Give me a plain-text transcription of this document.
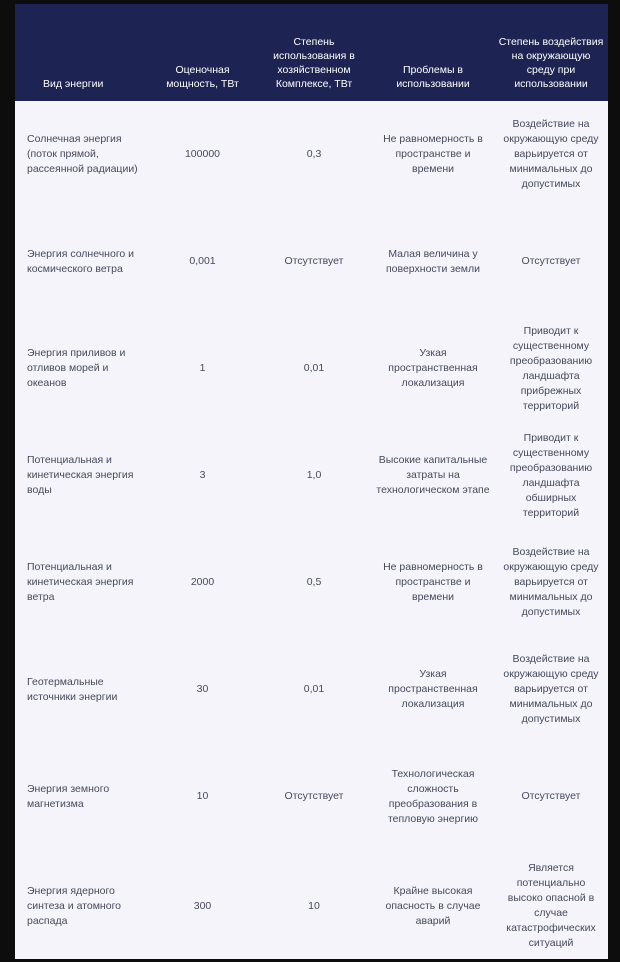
Вид энергии	Оценочная мощность, ТВт	Степень использования в хозяйственном Комплексе, ТВт	Проблемы в использовании	Степень воздействия на окружающую среду при использовании
Солнечная энергия (поток прямой, рассеянной радиации)	100000	0,3	Не равномерность в пространстве и времени	Воздействие на окружающую среду варьируется от минимальных до допустимых
Энергия солнечного и космического ветра	0,001	Отсутствует	Малая величина у поверхности земли	Отсутствует
Энергия приливов и отливов морей и океанов	1	0,01	Узкая пространственная локализация	Приводит к существенному преобразованию ландшафта прибрежных территорий
Потенциальная и кинетическая энергия воды	3	1,0	Высокие капитальные затраты на технологическом этапе	Приводит к существенному преобразованию ландшафта обширных территорий
Потенциальная и кинетическая энергия ветра	2000	0,5	Не равномерность в пространстве и времени	Воздействие на окружающую среду варьируется от минимальных до допустимых
Геотермальные источники энергии	30	0,01	Узкая пространственная локализация	Воздействие на окружающую среду варьируется от минимальных до допустимых
Энергия земного магнетизма	10	Отсутствует	Технологическая сложность преобразования в тепловую энергию	Отсутствует
Энергия ядерного синтеза и атомного распада	300	10	Крайне высокая опасность в случае аварий	Является потенциально высоко опасной в случае катастрофических ситуаций
